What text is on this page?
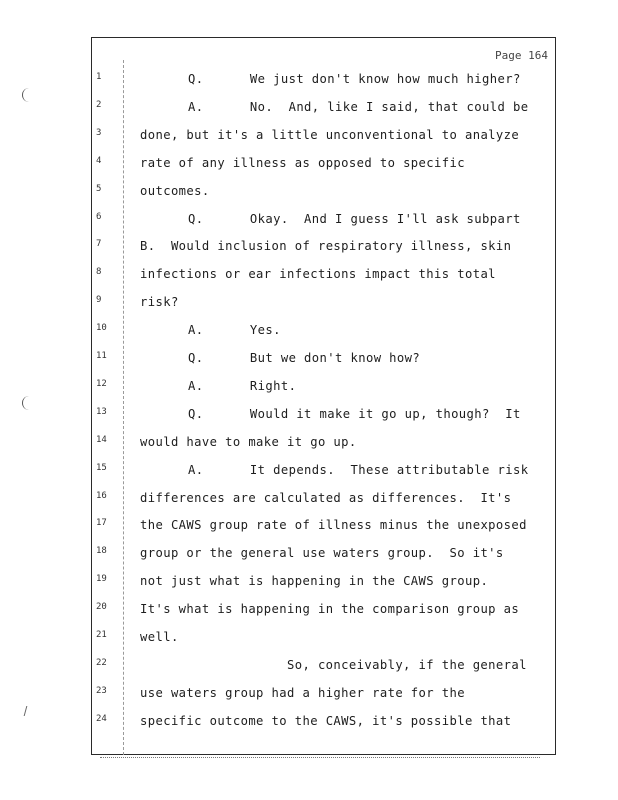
Page 164
1	Q.      We just don't know how much higher?
2	A.      No.  And, like I said, that could be
3	done, but it's a little unconventional to analyze
4	rate of any illness as opposed to specific
5	outcomes.
6	Q.      Okay.  And I guess I'll ask subpart
7	B.  Would inclusion of respiratory illness, skin
8	infections or ear infections impact this total
9	risk?
10	A.      Yes.
11	Q.      But we don't know how?
12	A.      Right.
13	Q.      Would it make it go up, though?  It
14	would have to make it go up.
15	A.      It depends.  These attributable risk
16	differences are calculated as differences.  It's
17	the CAWS group rate of illness minus the unexposed
18	group or the general use waters group.  So it's
19	not just what is happening in the CAWS group.
20	It's what is happening in the comparison group as
21	well.
22	So, conceivably, if the general
23	use waters group had a higher rate for the
24	specific outcome to the CAWS, it's possible that
